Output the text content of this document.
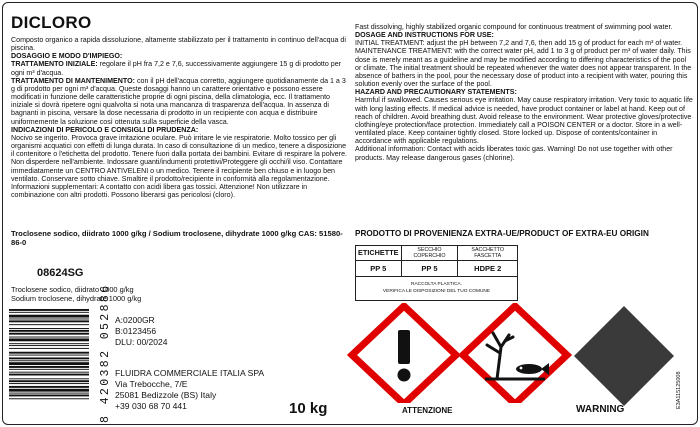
DICLORO
Composto organico a rapida dissoluzione, altamente stabilizzato per il trattamento in continuo dell'acqua di piscina.
DOSAGGIO E MODO D'IMPIEGO:
TRATTAMENTO INIZIALE: regolare il pH fra 7,2 e 7,6, successivamente aggiungere 15 g di prodotto per ogni m³ d'acqua.
TRATTAMENTO DI MANTENIMENTO: con il pH dell'acqua corretto, aggiungere quotidianamente da 1 a 3 g di prodotto per ogni m³ d'acqua. Queste dosaggi hanno un carattere orientativo e possono essere modificati in funzione delle caratteristiche proprie di ogni piscina, della climatologia, ecc. Il trattamento iniziale si dovrà ripetere ogni qualvolta si nota una mancanza di trasparenza dell'acqua. In assenza di bagnanti in piscina, versare la dose necessaria di prodotto in un recipiente con acqua e distribuire uniformemente la soluzione così ottenuta sulla superficie della vasca.
INDICAZIONI DI PERICOLO E CONSIGLI DI PRUDENZA:
Nocivo se ingerito. Provoca grave irritazione oculare. Può irritare le vie respiratorie. Molto tossico per gli organismi acquatici con effetti di lunga durata. In caso di consultazione di un medico, tenere a disposizione il contenitore o l'etichetta del prodotto. Tenere fuori dalla portata dei bambini. Evitare di respirare la polvere. Non disperdere nell'ambiente. Indossare guanti/indumenti protettivi/Proteggere gli occhi/il viso. Contattare immediatamente un CENTRO ANTIVELENI o un medico. Tenere il recipiente ben chiuso e in luogo ben ventilato. Conservare sotto chiave. Smaltire il prodotto/recipiente in conformità alla regolamentazione.
Informazioni supplementari: A contatto con acidi libera gas tossici. Attenzione! Non utilizzare in combinazione con altri prodotti. Possono liberarsi gas pericolosi (cloro).
Fast dissolving, highly stabilized organic compound for continuous treatment of swimming pool water.
DOSAGE AND INSTRUCTIONS FOR USE:
INITIAL TREATMENT: adjust the pH between 7,2 and 7,6, then add 15 g of product for each m³ of water.
MAINTENANCE TREATMENT: with the correct water pH, add 1 to 3 g of product per m³ of water daily. This dose is merely meant as a guideline and may be modified according to differing characteristics of the pool or climate. The initial treatment should be repeated whenever the water does not appear transparent. In the absence of bathers in the pool, pour the necessary dose of product into a recipient with water, pouring this solution evenly over the surface of the pool.
HAZARD AND PRECAUTIONARY STATEMENTS:
Harmful if swallowed. Causes serious eye irritation. May cause respiratory irritation. Very toxic to aquatic life with long lasting effects. If medical advice is needed, have product container or label at hand. Keep out of reach of children. Avoid breathing dust. Avoid release to the environment. Wear protective gloves/protective clothing/eye protection/face protection. Immediately call a POISON CENTER or a doctor. Store in a well-ventilated place. Keep container tightly closed. Store locked up. Dispose of contents/container in accordance with applicable regulations.
Additional information: Contact with acids liberates toxic gas. Warning! Do not use together with other products. May release dangerous gases (chlorine).
Troclosene sodico, diidrato 1000 g/kg / Sodium troclosene, dihydrate 1000 g/kg CAS: 51580-86-0
08624SG
Troclosene sodico, diidrato 1000 g/kg
Sodium troclosene, dihydrate 1000 g/kg
PRODOTTO DI PROVENIENZA EXTRA-UE/PRODUCT OF EXTRA-EU ORIGIN
8 420382 052886 A:0200GR
B:0123456
DLU: 00/2024
FLUIDRA COMMERCIALE ITALIA SPA
Via Trebocche, 7/E
25081 Bedizzole (BS) Italy
+39 030 68 70 441	10 kg
ETICHETTE	SECCHIO COPERCHIO	SACCHETTO FASCETTA
PP 5	PP 5	HDPE 2
RACCOLTA PLASTICA.
VERIFICA LE DISPOSIZIONI DEL TUO COMUNE		
ATTENZIONE	WARNING
E3A115125008
